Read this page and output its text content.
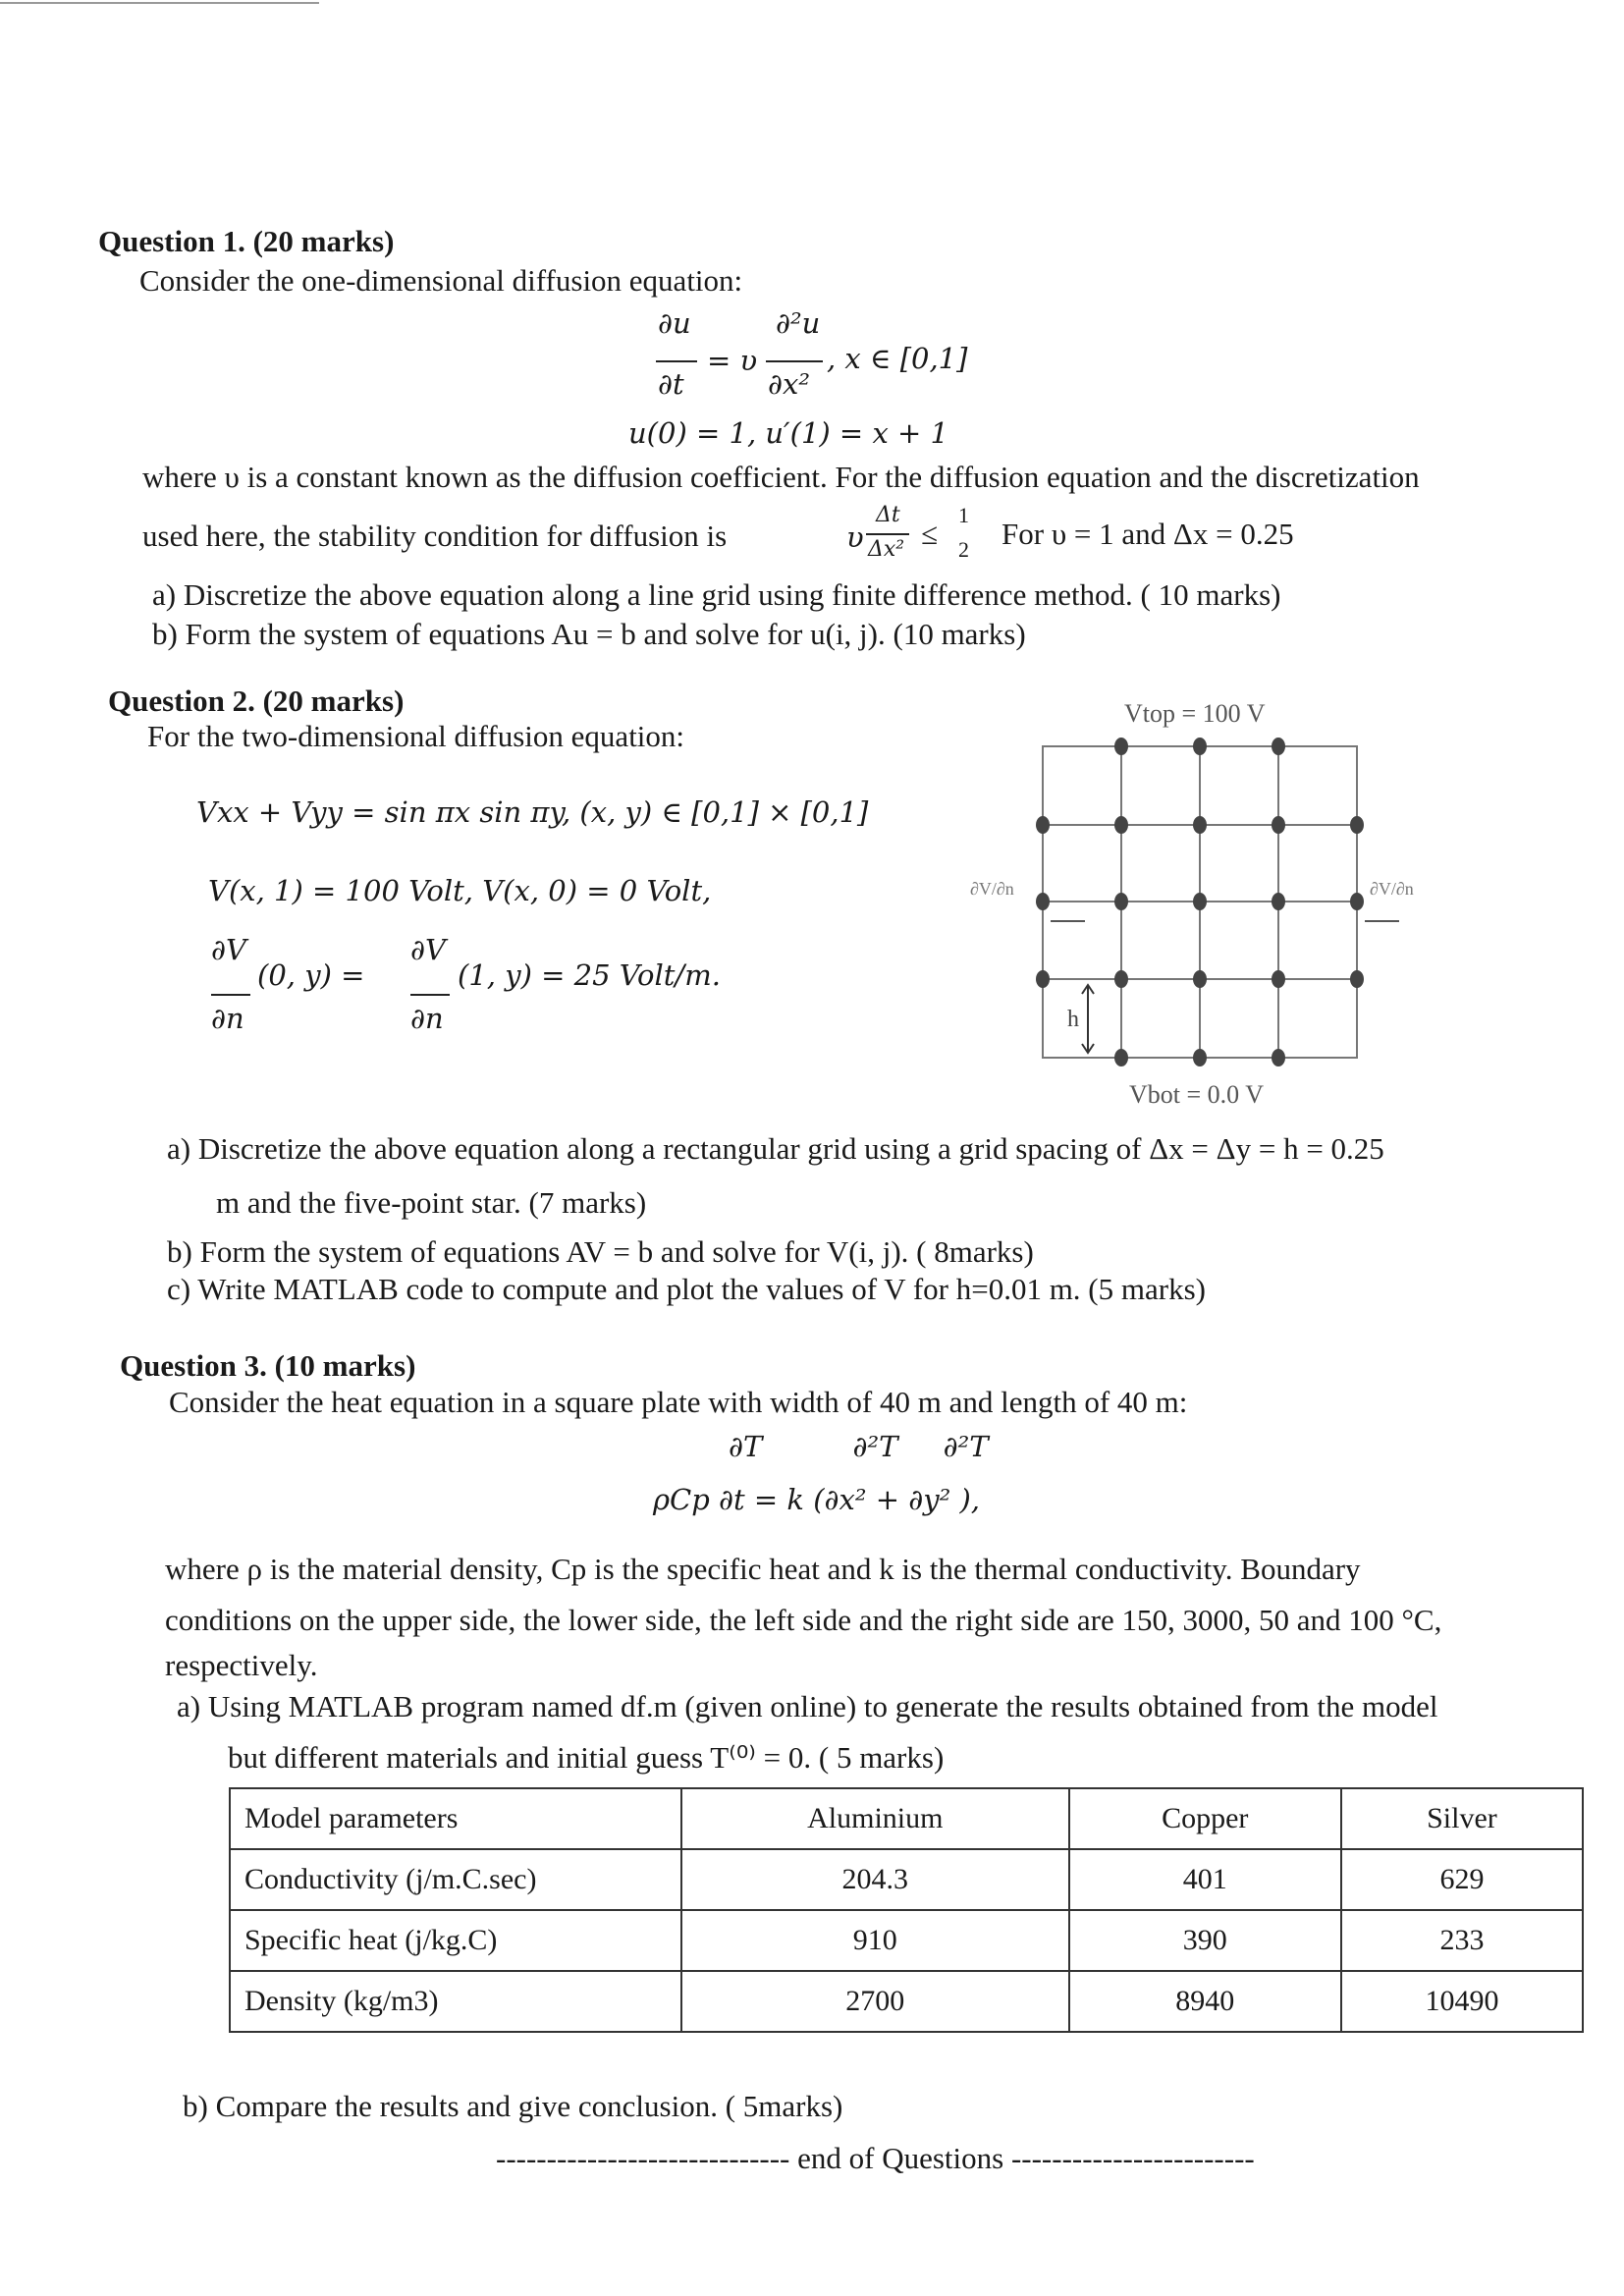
Question 1. (20 marks)
Consider the one-dimensional diffusion equation:
∂u	∂²u
= υ , x ∈ [0,1]
∂t	∂x²
u(0) = 1, u′(1) = x + 1
where υ is a constant known as the diffusion coefficient. For the diffusion equation and the discretization
used here, the stability condition for diffusion is	υ
Δt
Δx² ≤
1
2 For υ = 1 and Δx = 0.25
a) Discretize the above equation along a line grid using finite difference method. ( 10 marks)
b) Form the system of equations Au = b and solve for u(i, j). (10 marks)
Question 2. (20 marks)
For the two-dimensional diffusion equation:
Vxx + Vyy = sin πx sin πy, (x, y) ∈ [0,1] × [0,1]
V(x, 1) = 100 Volt, V(x, 0) = 0 Volt,
∂V
∂n
(0, y) =
∂V
∂n
(1, y) = 25 Volt/m.
Vtop = 100 V
Vbot = 0.0 V
h
∂V/∂n	∂V/∂n
a) Discretize the above equation along a rectangular grid using a grid spacing of Δx = Δy = h = 0.25
m and the five-point star. (7 marks)
b) Form the system of equations AV = b and solve for V(i, j). ( 8marks)
c) Write MATLAB code to compute and plot the values of V for h=0.01 m. (5 marks)
Question 3. (10 marks)
Consider the heat equation in a square plate with width of 40 m and length of 40 m:
∂T          ∂²T     ∂²T
ρCp ∂t = k (∂x² + ∂y² ),
where ρ is the material density, Cp is the specific heat and k is the thermal conductivity. Boundary
conditions on the upper side, the lower side, the left side and the right side are 150, 3000, 50 and 100 °C,
respectively.
a) Using MATLAB program named df.m (given online) to generate the results obtained from the model
but different materials and initial guess T⁽⁰⁾ = 0. ( 5 marks)
Model parameters	Aluminium	Copper	Silver
Conductivity (j/m.C.sec)	204.3	401	629
Specific heat (j/kg.C)	910	390	233
Density (kg/m3)	2700	8940	10490
b) Compare the results and give conclusion. ( 5marks)
----------------------------- end of Questions ------------------------
